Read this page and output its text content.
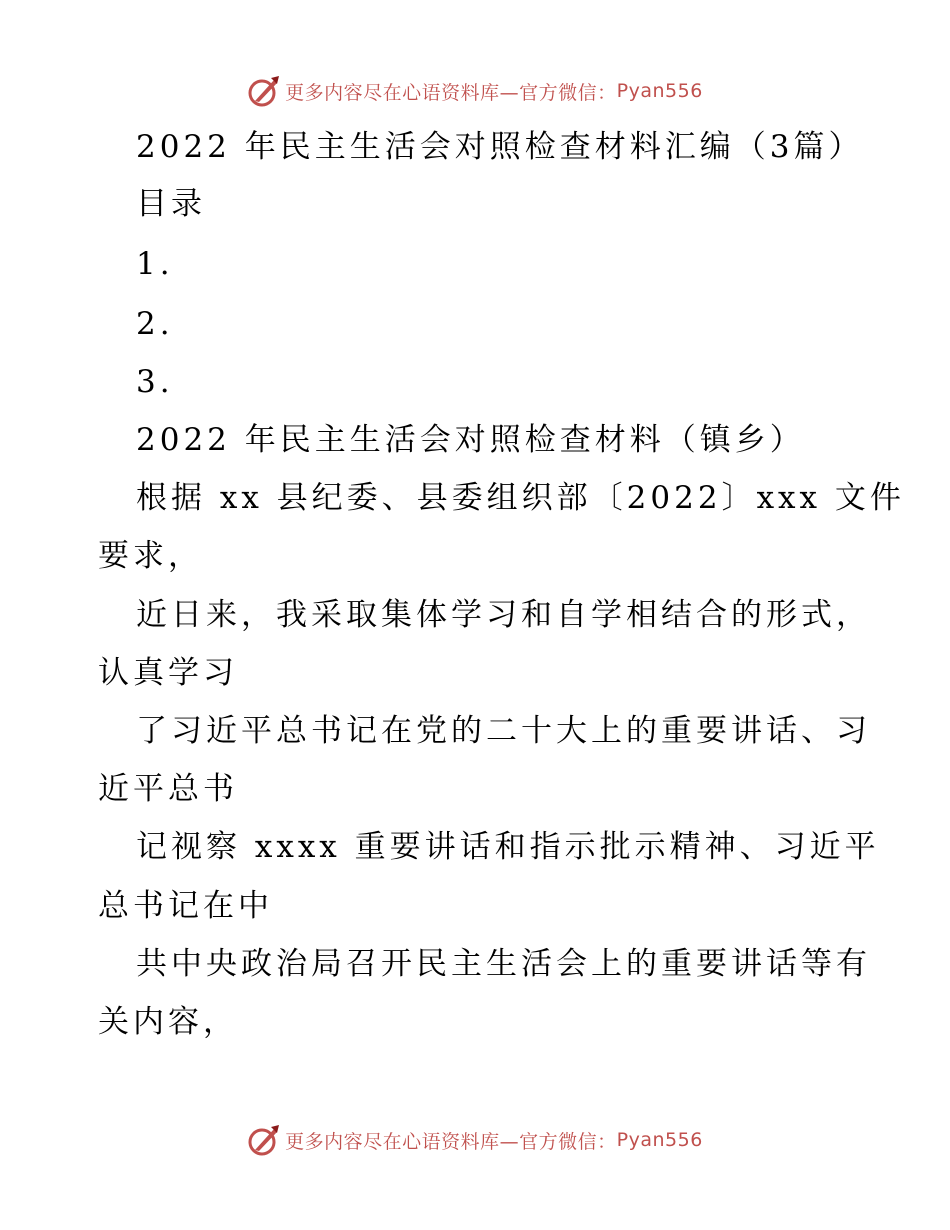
更多内容尽在心语资料库—官方微信： Pyan556
2022 年民主生活会对照检查材料汇编（3篇）
目录
1.
2.
3.
2022 年民主生活会对照检查材料（镇乡）
根据 xx 县纪委、县委组织部〔2022〕xxx 文件
要求，
近日来，我采取集体学习和自学相结合的形式，
认真学习
了习近平总书记在党的二十大上的重要讲话、习
近平总书
记视察 xxxx 重要讲话和指示批示精神、习近平
总书记在中
共中央政治局召开民主生活会上的重要讲话等有
关内容，
更多内容尽在心语资料库—官方微信： Pyan556
